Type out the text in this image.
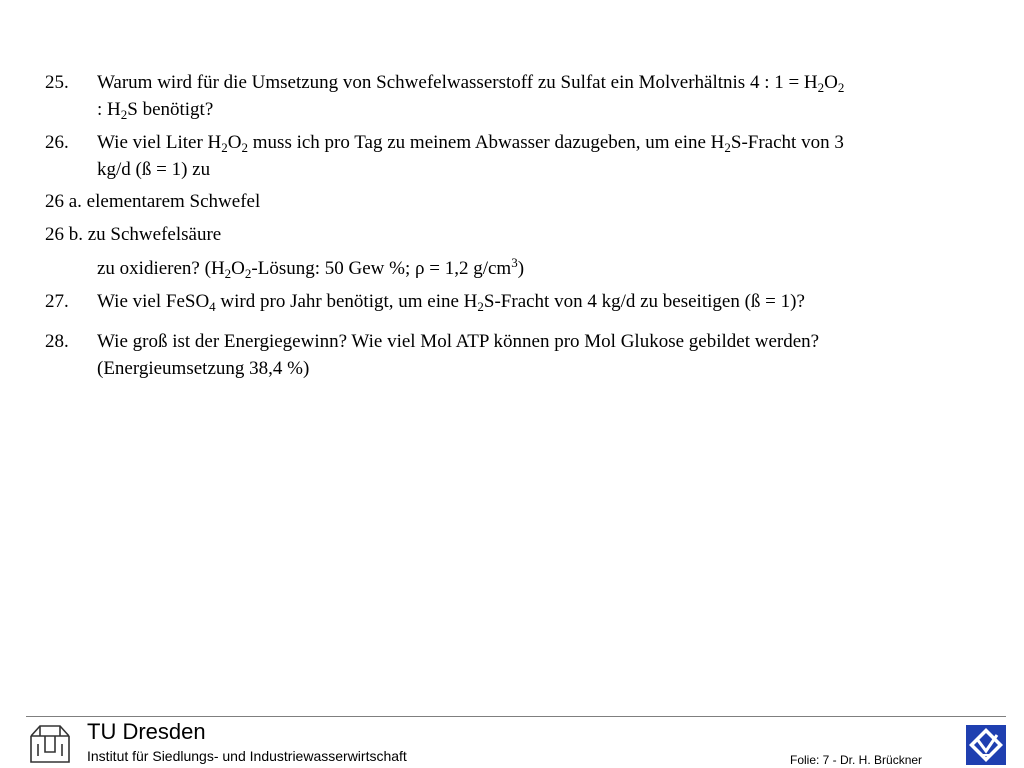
25. Warum wird für die Umsetzung von Schwefelwasserstoff zu Sulfat ein Molverhältnis 4 : $1 = H_2O_2$
: $H_2S$ benötigt?
26. Wie viel Liter $H_2O_2$ muss ich pro Tag zu meinem Abwasser dazugeben, um eine $H_2S$-Fracht von 3
kg/d (ß = 1) zu
26 a. elementarem Schwefel
26 b. zu Schwefelsäure
zu oxidieren? ($H_2O_2$-Lösung: 50 Gew %; ρ = 1,2 $g/cm^3$)
27. Wie viel FeSO$_4$ wird pro Jahr benötigt, um eine $H_2S$-Fracht von 4 kg/d zu beseitigen (ß = 1)?
28. Wie groß ist der Energiegewinn? Wie viel Mol ATP können pro Mol Glukose gebildet werden?
(Energieumsetzung 38,4 %)
TU Dresden
Institut für Siedlungs- und Industriewasserwirtschaft	Folie: 7 - Dr. H. Brückner
